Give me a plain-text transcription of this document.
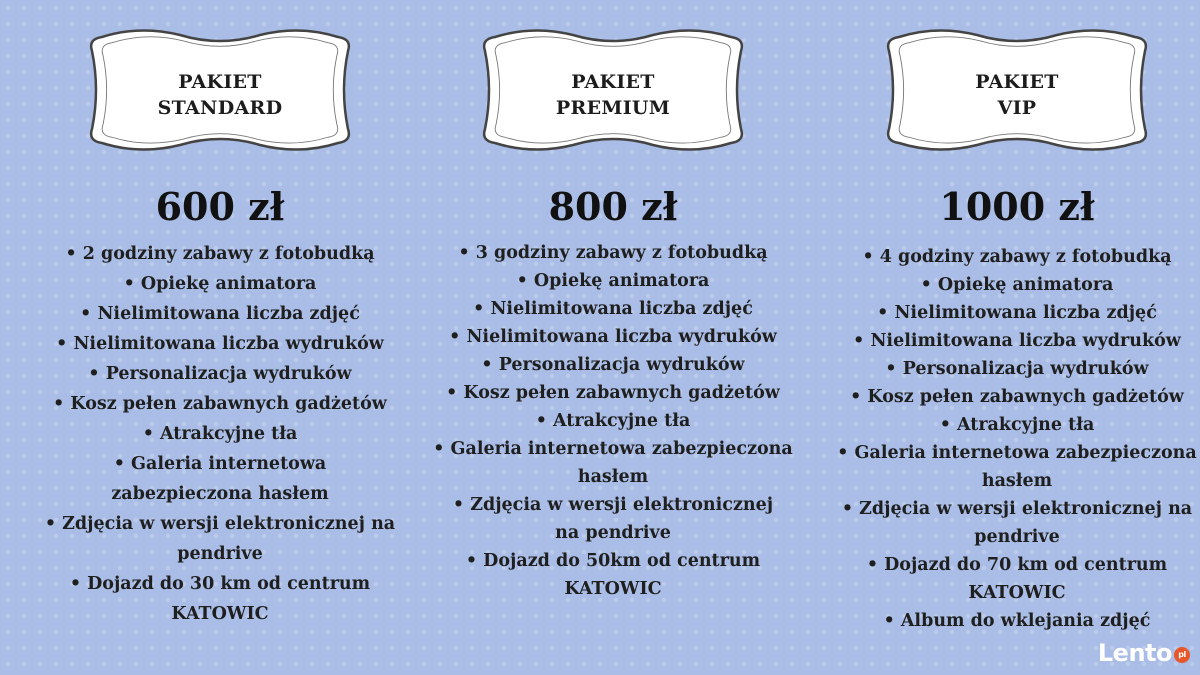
PAKIET
STANDARD
600 zł
• 2 godziny zabawy z fotobudką
• Opiekę animatora
• Nielimitowana liczba zdjęć
• Nielimitowana liczba wydruków
• Personalizacja wydruków
• Kosz pełen zabawnych gadżetów
• Atrakcyjne tła
• Galeria internetowa zabezpieczona hasłem
• Zdjęcia w wersji elektronicznej na pendrive
• Dojazd do 30 km od centrum KATOWIC
PAKIET
PREMIUM
800 zł
• 3 godziny zabawy z fotobudką
• Opiekę animatora
• Nielimitowana liczba zdjęć
• Nielimitowana liczba wydruków
• Personalizacja wydruków
• Kosz pełen zabawnych gadżetów
• Atrakcyjne tła
• Galeria internetowa zabezpieczona hasłem
• Zdjęcia w wersji elektronicznej na pendrive
• Dojazd do 50km od centrum KATOWIC
PAKIET
VIP
1000 zł
• 4 godziny zabawy z fotobudką
• Opiekę animatora
• Nielimitowana liczba zdjęć
• Nielimitowana liczba wydruków
• Personalizacja wydruków
• Kosz pełen zabawnych gadżetów
• Atrakcyjne tła
• Galeria internetowa zabezpieczona hasłem
• Zdjęcia w wersji elektronicznej na pendrive
• Dojazd do 70 km od centrum KATOWIC
• Album do wklejania zdjęć
Lento pl
